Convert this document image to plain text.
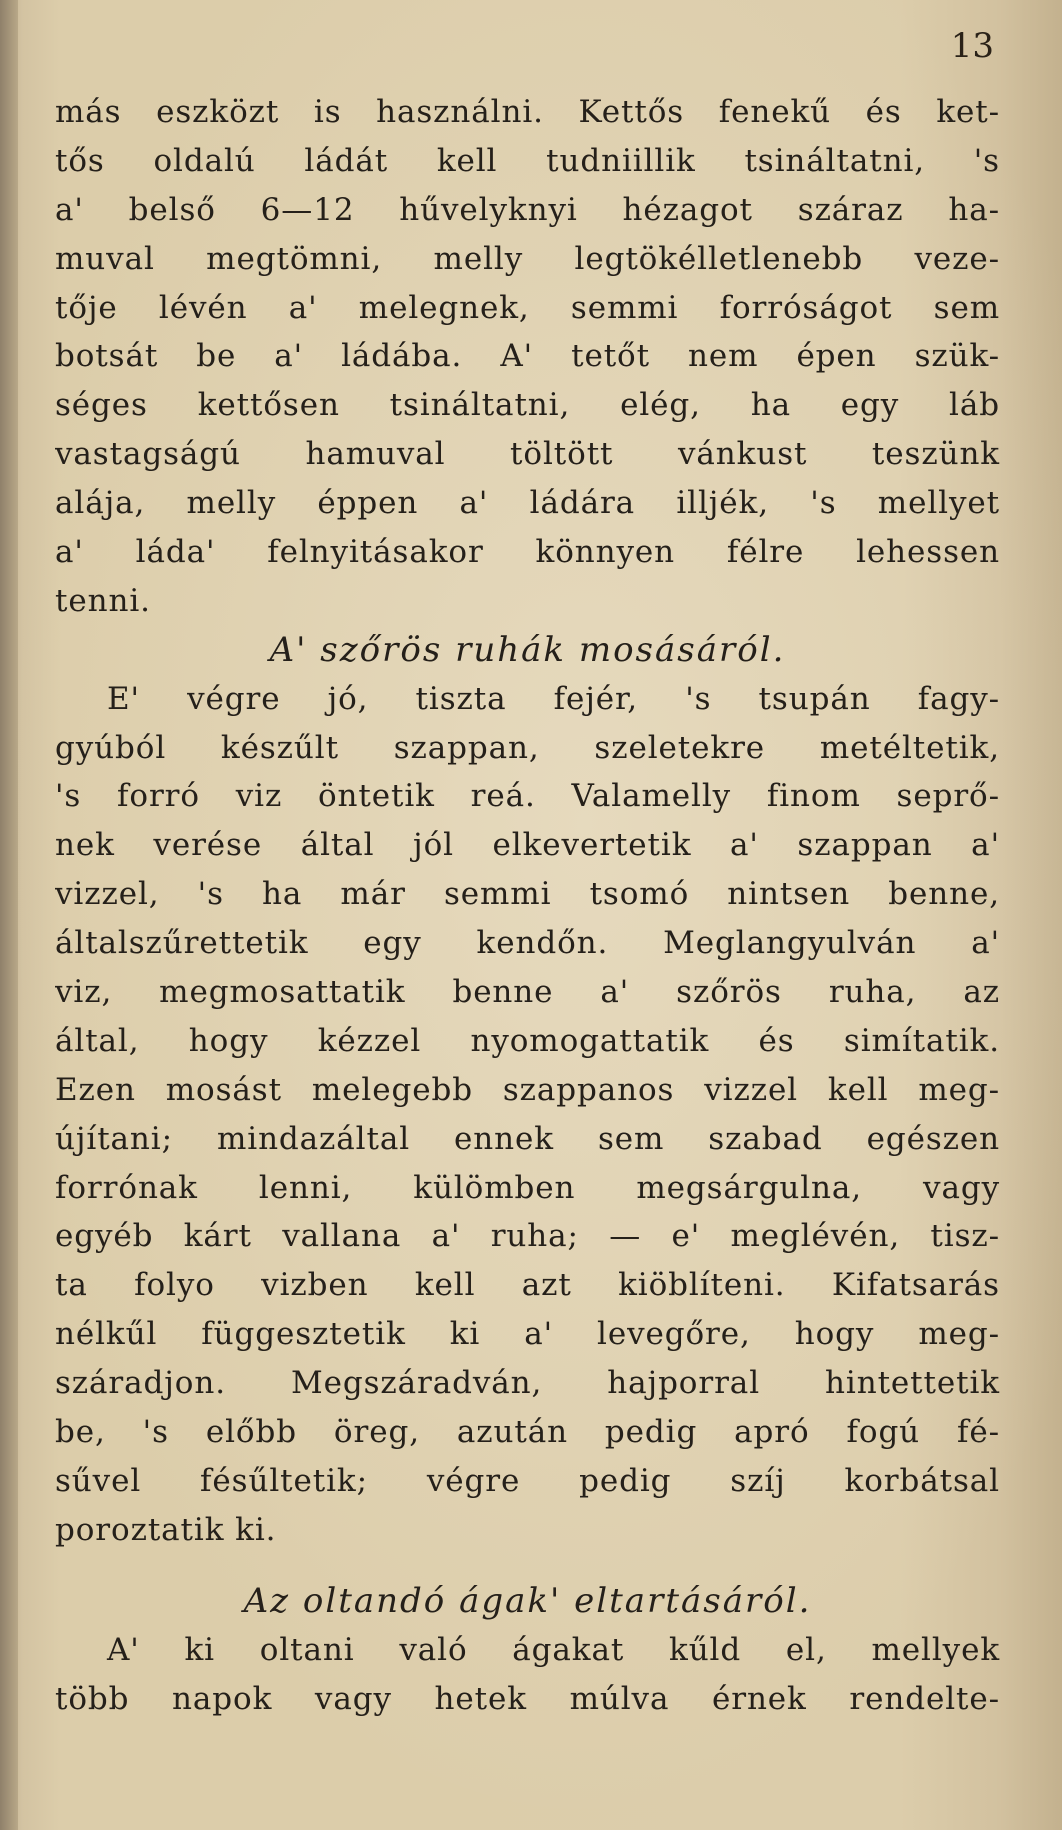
13
más eszközt is használni. Kettős fenekű és ket-
tős oldalú ládát kell tudniillik tsináltatni, 's
a' belső 6—12 hűvelyknyi hézagot száraz ha-
muval megtömni, melly legtökélletlenebb veze-
tője lévén a' melegnek, semmi forróságot sem
botsát be a' ládába. A' tetőt nem épen szük-
séges kettősen tsináltatni, elég, ha egy láb
vastagságú hamuval töltött vánkust teszünk
alája, melly éppen a' ládára illjék, 's mellyet
a' láda' felnyitásakor könnyen félre lehessen
tenni.
A' szőrös ruhák mosásáról.
E' végre jó, tiszta fejér, 's tsupán fagy-
gyúból készűlt szappan, szeletekre metéltetik,
's forró viz öntetik reá. Valamelly finom seprő-
nek verése által jól elkevertetik a' szappan a'
vizzel, 's ha már semmi tsomó nintsen benne,
általszűrettetik egy kendőn. Meglangyulván a'
viz, megmosattatik benne a' szőrös ruha, az
által, hogy kézzel nyomogattatik és simítatik.
Ezen mosást melegebb szappanos vizzel kell meg-
újítani; mindazáltal ennek sem szabad egészen
forrónak lenni, külömben megsárgulna, vagy
egyéb kárt vallana a' ruha; — e' meglévén, tisz-
ta folyo vizben kell azt kiöblíteni. Kifatsarás
nélkűl függesztetik ki a' levegőre, hogy meg-
száradjon. Megszáradván, hajporral hintettetik
be, 's előbb öreg, azután pedig apró fogú fé-
sűvel fésűltetik; végre pedig szíj korbátsal
poroztatik ki.
Az oltandó ágak' eltartásáról.
A' ki oltani való ágakat kűld el, mellyek
több napok vagy hetek múlva érnek rendelte-
